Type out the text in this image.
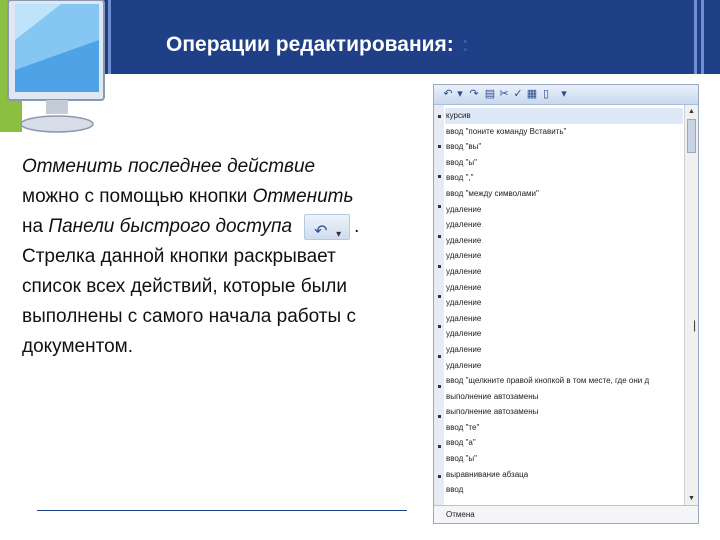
Операции редактирования: :
Отменить последнее действие можно с помощью кнопки Отменить на Панели быстрого доступа ↶ ▾ . Стрелка данной кнопки раскрывает список всех действий, которые были выполнены с самого начала работы с документом.
↶ ▾ ↷ ▤ ✂ ✓ ▦ ▯ ▾
курсив
ввод "поните команду Вставить"
ввод "вы"
ввод "ы"
ввод ","
ввод "между символами"
удаление
удаление
удаление
удаление
удаление
удаление
удаление
удаление
удаление
удаление
удаление
ввод "щелкните правой кнопкой в том месте, где они д
выполнение автозамены
выполнение автозамены
ввод "те"
ввод "а"
ввод "ы"
выравнивание абзаца
ввод
▲
▼
Отмена
|
